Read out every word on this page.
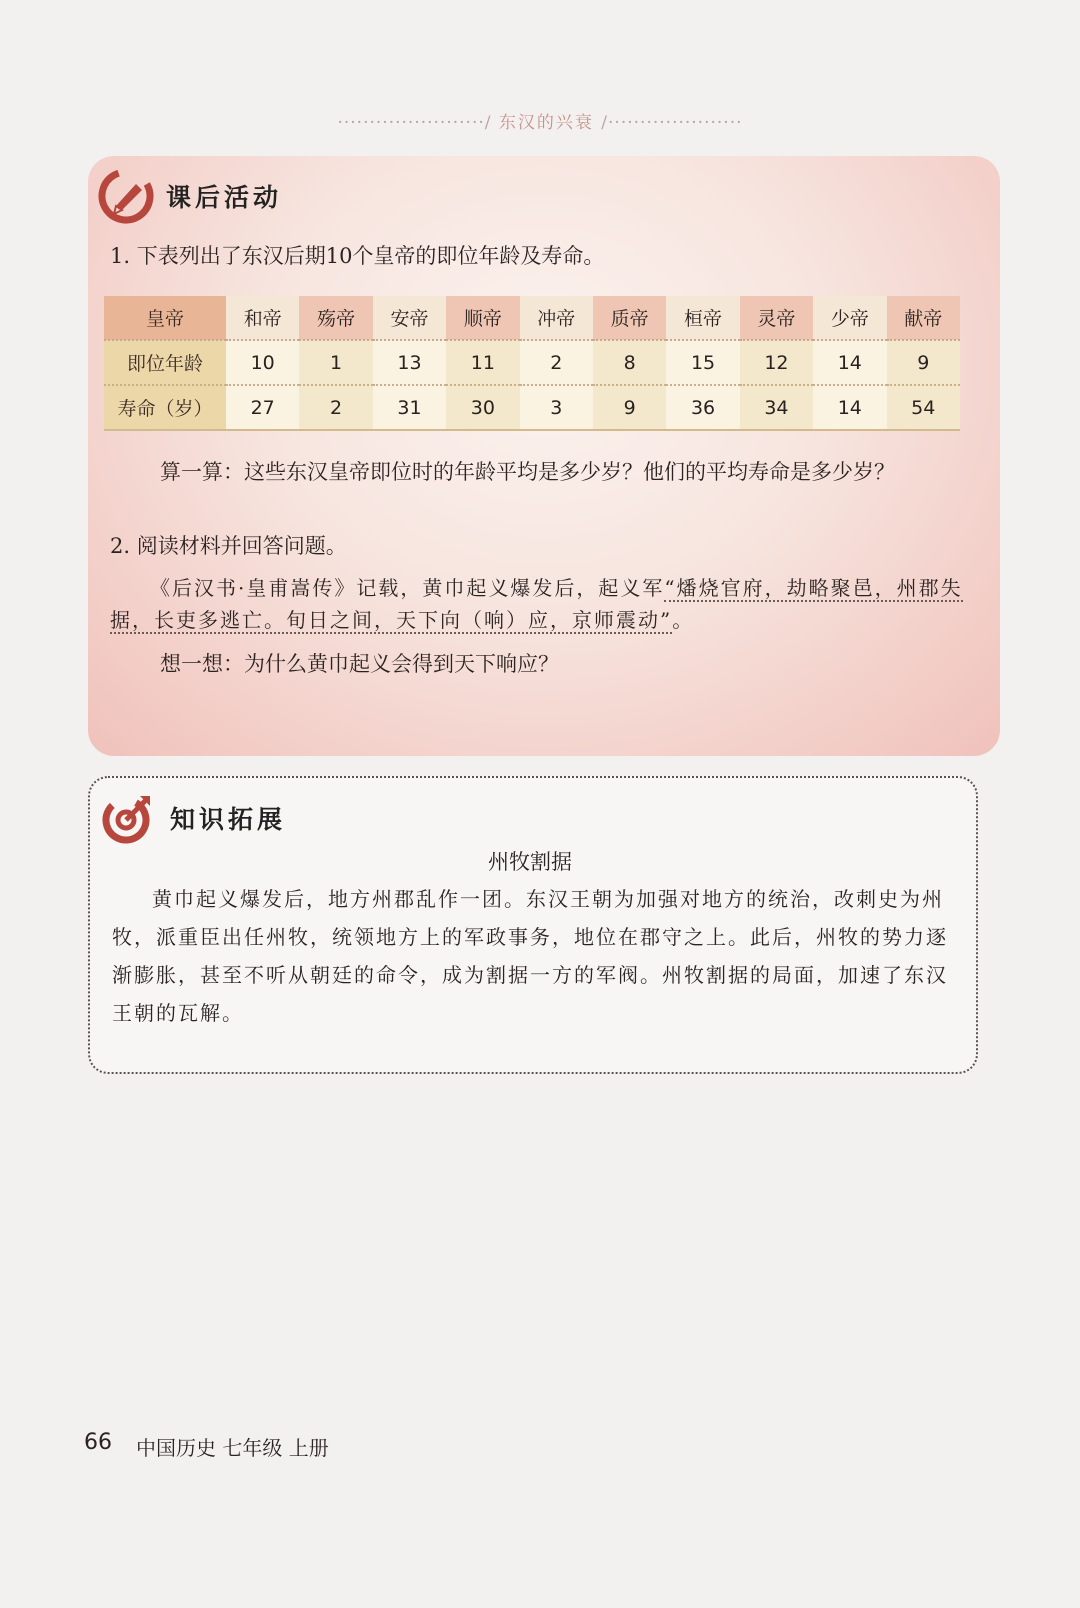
·······················/ 东汉的兴衰 /·····················
课后活动
1. 下表列出了东汉后期10个皇帝的即位年龄及寿命。
皇帝	和帝	殇帝	安帝	顺帝	冲帝	质帝	桓帝	灵帝	少帝	献帝
即位年龄	10	1	13	11	2	8	15	12	14	9
寿命（岁）	27	2	31	30	3	9	36	34	14	54
算一算：这些东汉皇帝即位时的年龄平均是多少岁？他们的平均寿命是多少岁？
2. 阅读材料并回答问题。
《后汉书·皇甫嵩传》记载，黄巾起义爆发后，起义军“燔烧官府，劫略聚邑，州郡失据，长吏多逃亡。旬日之间，天下向（响）应，京师震动”。
想一想：为什么黄巾起义会得到天下响应？
知识拓展
州牧割据
黄巾起义爆发后，地方州郡乱作一团。东汉王朝为加强对地方的统治，改刺史为州牧，派重臣出任州牧，统领地方上的军政事务，地位在郡守之上。此后，州牧的势力逐渐膨胀，甚至不听从朝廷的命令，成为割据一方的军阀。州牧割据的局面，加速了东汉王朝的瓦解。
66 中国历史 七年级 上册
